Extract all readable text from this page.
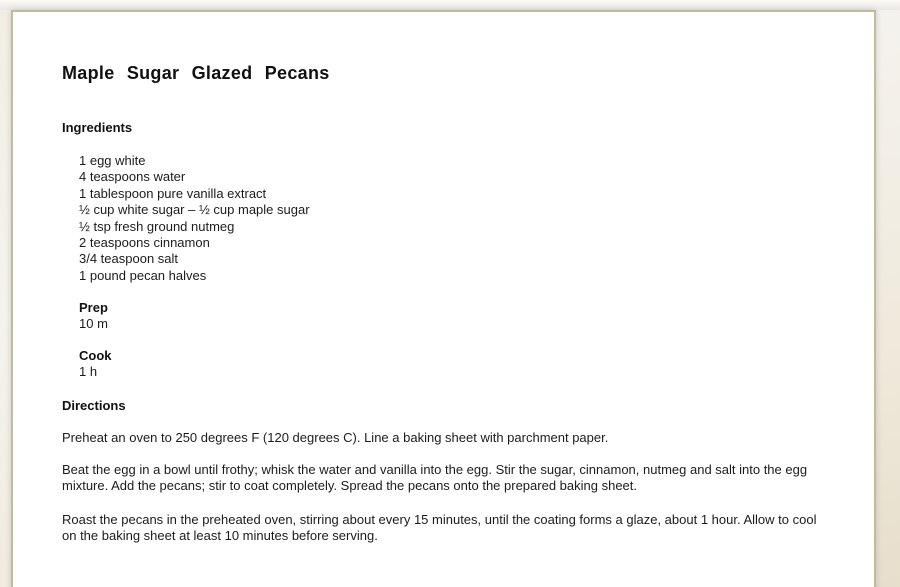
Maple Sugar Glazed Pecans
Ingredients
1 egg white
4 teaspoons water
1 tablespoon pure vanilla extract
½ cup white sugar – ½ cup maple sugar
½ tsp fresh ground nutmeg
2 teaspoons cinnamon
3/4 teaspoon salt
1 pound pecan halves
Prep
10 m
Cook
1 h
Directions

Preheat an oven to 250 degrees F (120 degrees C). Line a baking sheet with parchment paper.

Beat the egg in a bowl until frothy; whisk the water and vanilla into the egg. Stir the sugar, cinnamon, nutmeg and salt into the egg mixture. Add the pecans; stir to coat completely. Spread the pecans onto the prepared baking sheet.

Roast the pecans in the preheated oven, stirring about every 15 minutes, until the coating forms a glaze, about 1 hour. Allow to cool on the baking sheet at least 10 minutes before serving.
